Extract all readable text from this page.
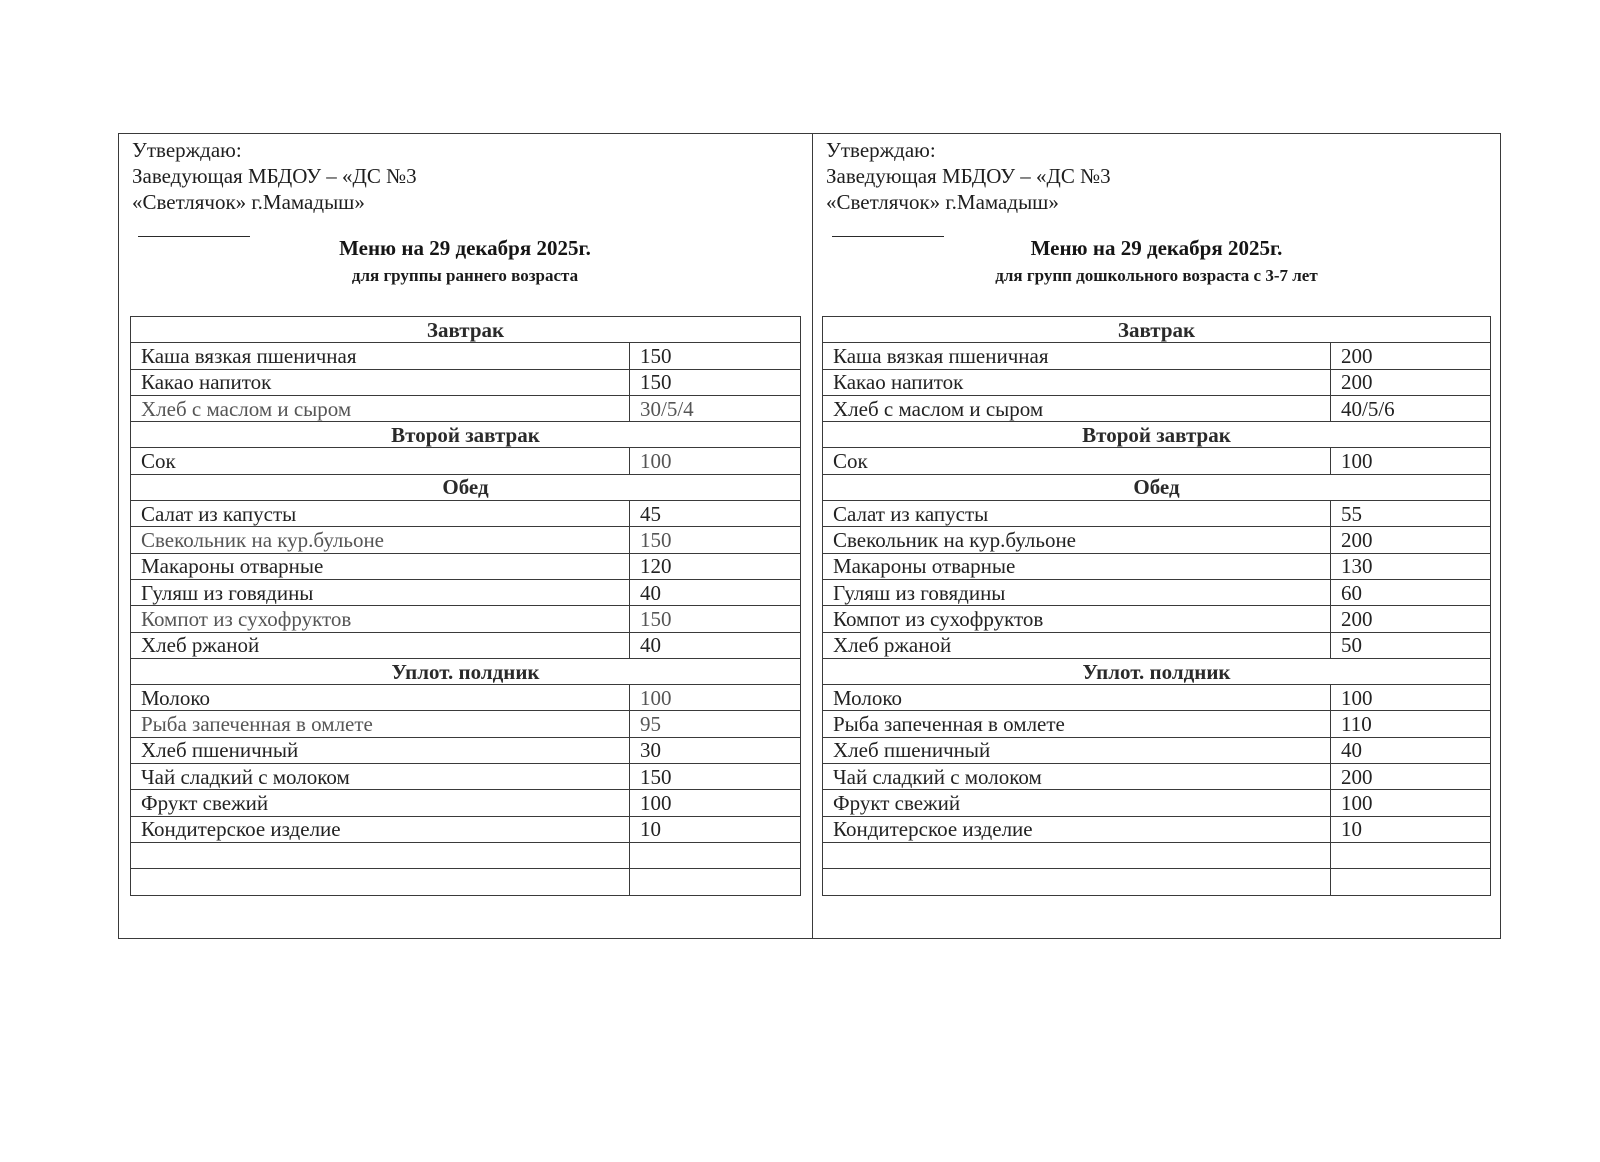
Утверждаю:
Заведующая МБДОУ – «ДС №3
«Светлячок» г.Мамадыш»
Меню на 29 декабря 2025г.
для группы раннего возраста
Завтрак	
Каша вязкая пшеничная	150
Какао напиток	150
Хлеб с маслом и сыром	30/5/4
Второй завтрак	
Сок	100
Обед	
Салат из капусты	45
Свекольник на кур.бульоне	150
Макароны отварные	120
Гуляш из говядины	40
Компот из сухофруктов	150
Хлеб ржаной	40
Уплот. полдник	
Молоко	100
Рыба запеченная в омлете	95
Хлеб пшеничный	30
Чай сладкий с молоком	150
Фрукт свежий	100
Кондитерское изделие	10

Утверждаю:
Заведующая МБДОУ – «ДС №3
«Светлячок» г.Мамадыш»
Меню на 29 декабря 2025г.
для групп дошкольного возраста с 3-7 лет
Завтрак	
Каша вязкая пшеничная	200
Какао напиток	200
Хлеб с маслом и сыром	40/5/6
Второй завтрак	
Сок	100
Обед	
Салат из капусты	55
Свекольник на кур.бульоне	200
Макароны отварные	130
Гуляш из говядины	60
Компот из сухофруктов	200
Хлеб ржаной	50
Уплот. полдник	
Молоко	100
Рыба запеченная в омлете	110
Хлеб пшеничный	40
Чай сладкий с молоком	200
Фрукт свежий	100
Кондитерское изделие	10
